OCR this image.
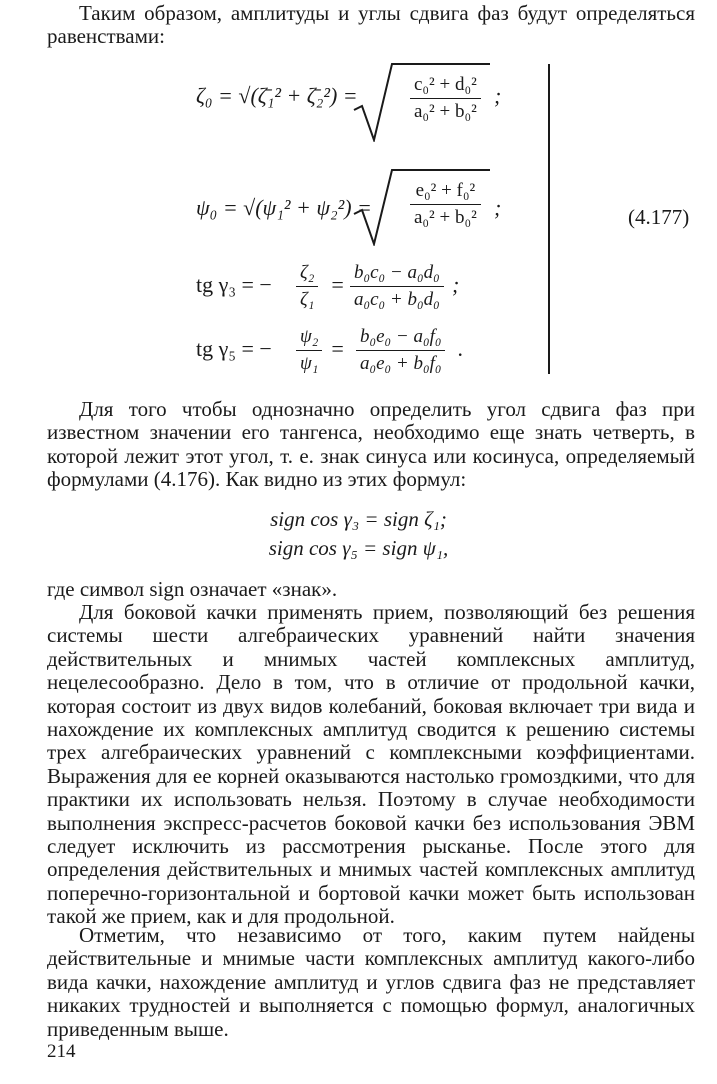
Таким образом, амплитуды и углы сдвига фаз будут определяться равенствами:

ζ₀ = √(ζ̄₁² + ζ̄₂²) =	$\frac{\text{c₀² + d₀²}}{\text{a₀² + b₀²}}$ ;
$\psi_0 = √(\psi_1^2 + \psi_2^2) = \frac{\text{e₀² + f₀²}}{\text{a₀² + b₀²}}$ ;
tg γ₃ = − $\frac{\text{ζ₂}}{\text{ζ₁}} = \frac{\text{b₀c₀ − a₀d₀}}{\text{a₀c₀ + b₀d₀}}$ ;
tg γ₅ = − $\frac{\text{ψ₂}}{\text{ψ₁}} = \frac{\text{b₀e₀ − a₀f₀}}{\text{a₀e₀ + b₀f₀}}$ .
(4.177)

Для того чтобы однозначно определить угол сдвига фаз при известном значении его тангенса, необходимо еще знать четверть, в которой лежит этот угол, т. е. знак синуса или косинуса, определяемый формулами (4.176). Как видно из этих формул:

sign cos γ₃ = sign ζ₁;
sign cos γ₅ = sign ψ₁,

где символ sign означает «знак».

Для боковой качки применять прием, позволяющий без решения системы шести алгебраических уравнений найти значения действительных и мнимых частей комплексных амплитуд, нецелесообразно. Дело в том, что в отличие от продольной качки, которая состоит из двух видов колебаний, боковая включает три вида и нахождение их комплексных амплитуд сводится к решению системы трех алгебраических уравнений с комплексными коэффициентами. Выражения для ее корней оказываются настолько громоздкими, что для практики их использовать нельзя. Поэтому в случае необходимости выполнения экспресс-расчетов боковой качки без использования ЭВМ следует исключить из рассмотрения рысканье. После этого для определения действительных и мнимых частей комплексных амплитуд поперечно-горизонтальной и бортовой качки может быть использован такой же прием, как и для продольной.

Отметим, что независимо от того, каким путем найдены действительные и мнимые части комплексных амплитуд какого-либо вида качки, нахождение амплитуд и углов сдвига фаз не представляет никаких трудностей и выполняется с помощью формул, аналогичных приведенным выше.

214
